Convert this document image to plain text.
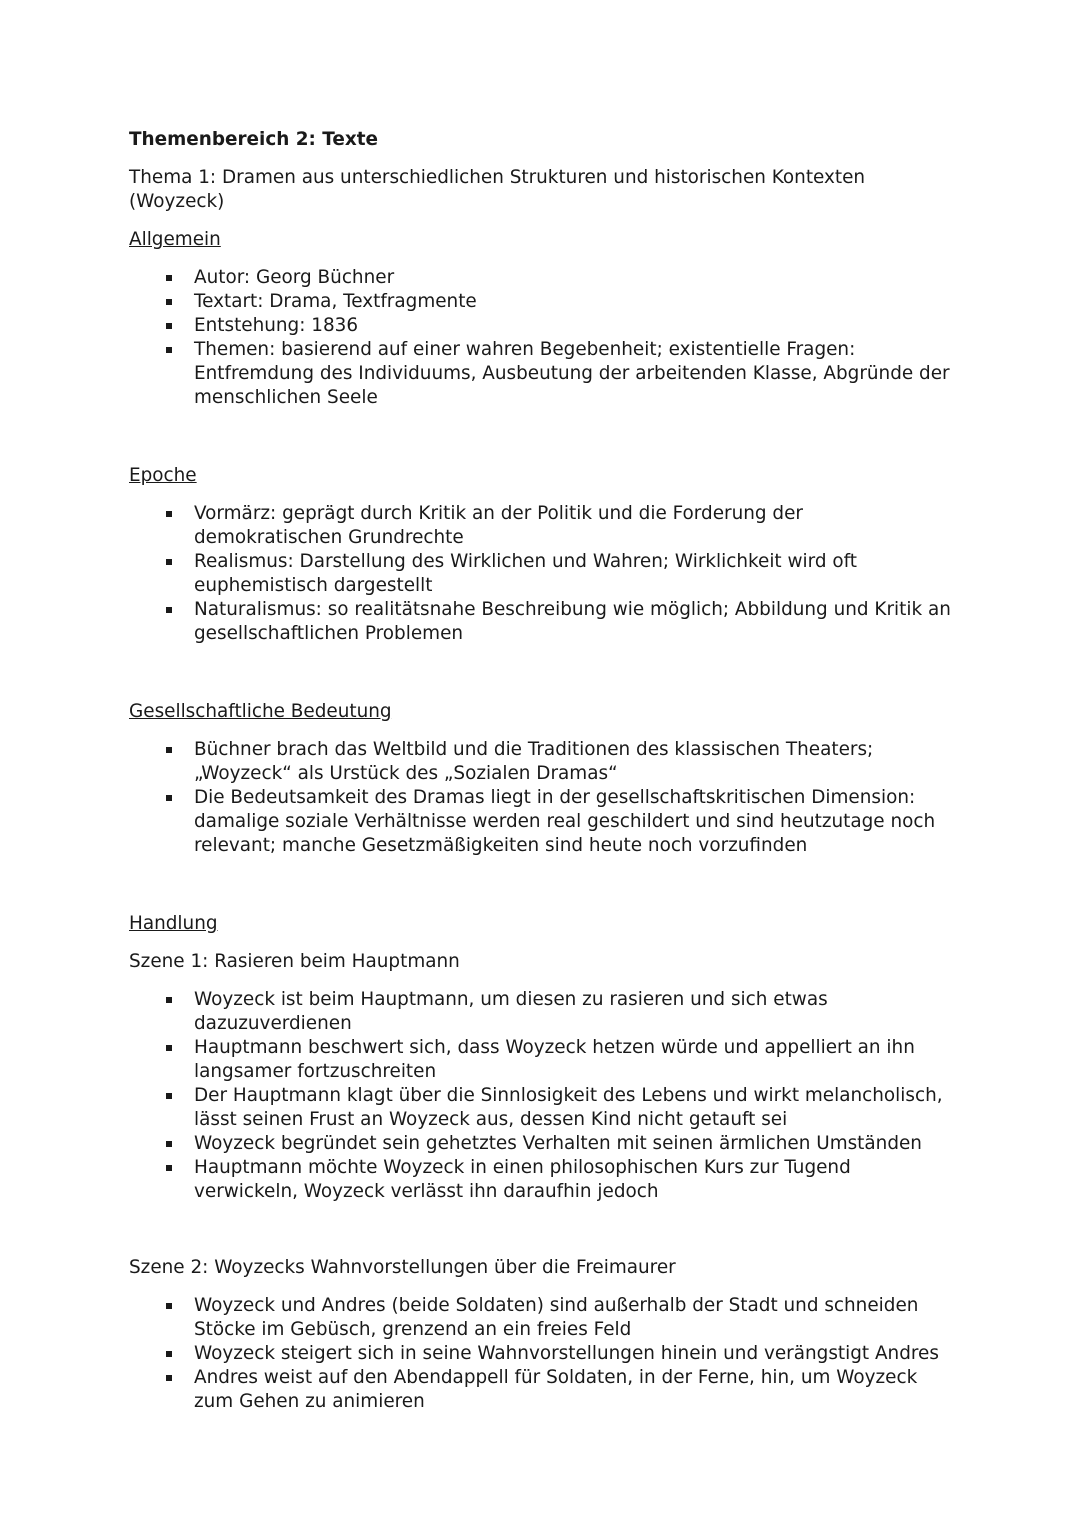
Themenbereich 2: Texte

Thema 1: Dramen aus unterschiedlichen Strukturen und historischen Kontexten (Woyzeck)

Allgemein

Autor: Georg Büchner
Textart: Drama, Textfragmente
Entstehung: 1836
Themen: basierend auf einer wahren Begebenheit; existentielle Fragen: Entfremdung des Individuums, Ausbeutung der arbeitenden Klasse, Abgründe der menschlichen Seele

Epoche

Vormärz: geprägt durch Kritik an der Politik und die Forderung der demokratischen Grundrechte
Realismus: Darstellung des Wirklichen und Wahren; Wirklichkeit wird oft euphemistisch dargestellt
Naturalismus: so realitätsnahe Beschreibung wie möglich; Abbildung und Kritik an gesellschaftlichen Problemen

Gesellschaftliche Bedeutung

Büchner brach das Weltbild und die Traditionen des klassischen Theaters; „Woyzeck“ als Urstück des „Sozialen Dramas“
Die Bedeutsamkeit des Dramas liegt in der gesellschaftskritischen Dimension: damalige soziale Verhältnisse werden real geschildert und sind heutzutage noch relevant; manche Gesetzmäßigkeiten sind heute noch vorzufinden

Handlung

Szene 1: Rasieren beim Hauptmann

Woyzeck ist beim Hauptmann, um diesen zu rasieren und sich etwas dazuzuverdienen
Hauptmann beschwert sich, dass Woyzeck hetzen würde und appelliert an ihn langsamer fortzuschreiten
Der Hauptmann klagt über die Sinnlosigkeit des Lebens und wirkt melancholisch, lässt seinen Frust an Woyzeck aus, dessen Kind nicht getauft sei
Woyzeck begründet sein gehetztes Verhalten mit seinen ärmlichen Umständen
Hauptmann möchte Woyzeck in einen philosophischen Kurs zur Tugend verwickeln, Woyzeck verlässt ihn daraufhin jedoch

Szene 2: Woyzecks Wahnvorstellungen über die Freimaurer

Woyzeck und Andres (beide Soldaten) sind außerhalb der Stadt und schneiden Stöcke im Gebüsch, grenzend an ein freies Feld
Woyzeck steigert sich in seine Wahnvorstellungen hinein und verängstigt Andres
Andres weist auf den Abendappell für Soldaten, in der Ferne, hin, um Woyzeck zum Gehen zu animieren
